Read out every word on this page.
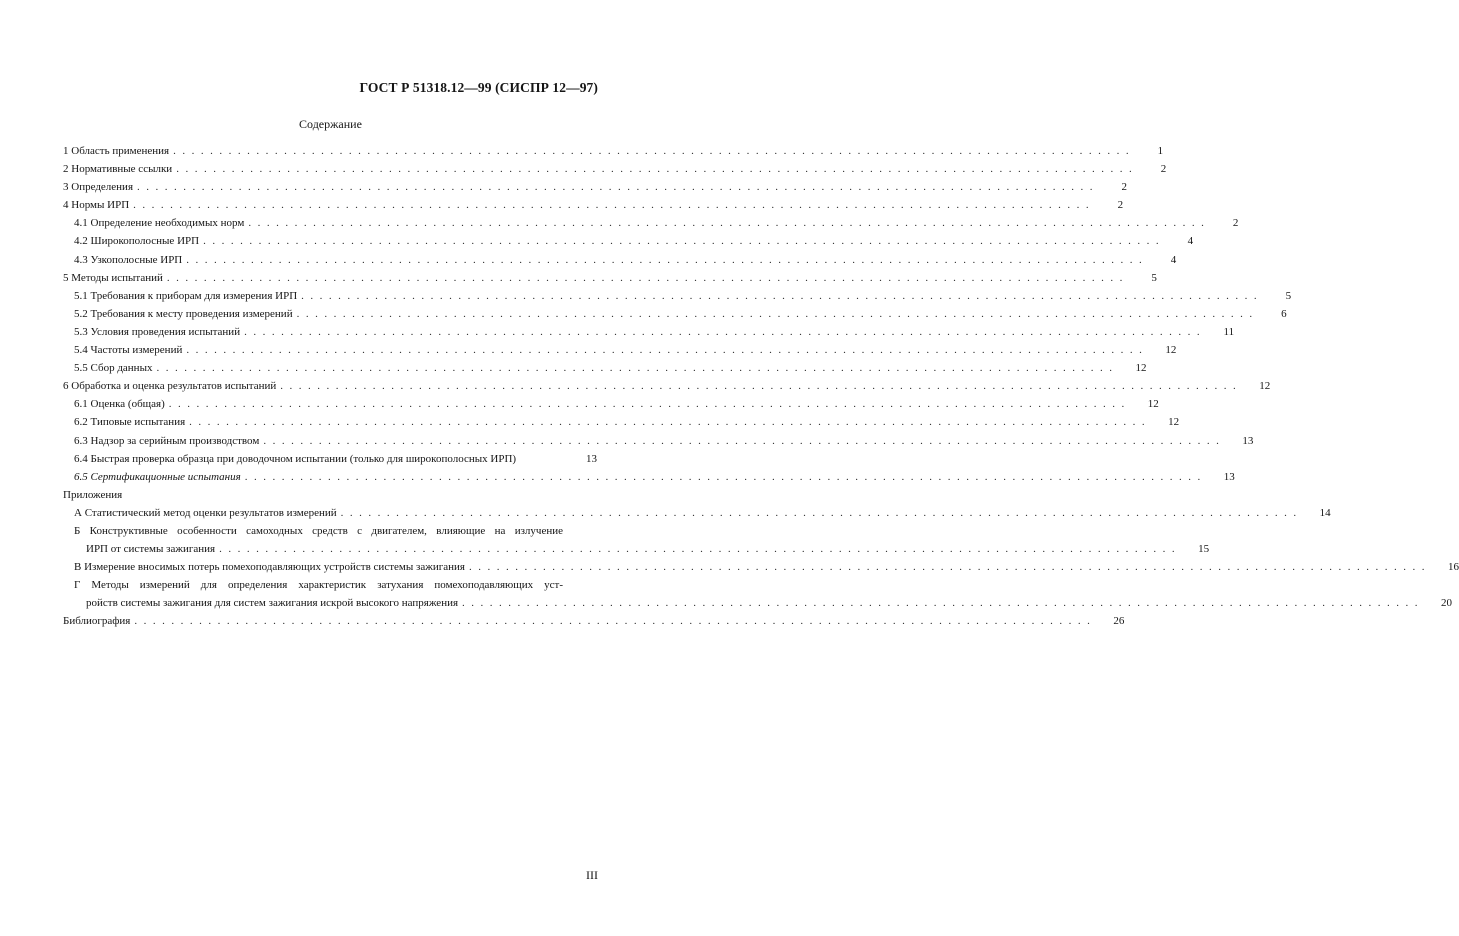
ГОСТ Р 51318.12—99 (СИСПР 12—97)
Содержание
1 Область применения ........................................................................................................	1
2 Нормативные ссылки ........................................................................................................	2
3 Определения ........................................................................................................	2
4 Нормы ИРП ........................................................................................................	2
4.1 Определение необходимых норм ........................................................................................................	2
4.2 Широкополосные ИРП ........................................................................................................	4
4.3 Узкополосные ИРП ........................................................................................................	4
5 Методы испытаний ........................................................................................................	5
5.1 Требования к приборам для измерения ИРП ........................................................................................................	5
5.2 Требования к месту проведения измерений ........................................................................................................	6
5.3 Условия проведения испытаний ........................................................................................................	11
5.4 Частоты измерений ........................................................................................................	12
5.5 Сбор данных ........................................................................................................	12
6 Обработка и оценка результатов испытаний ........................................................................................................	12
6.1 Оценка (общая) ........................................................................................................	12
6.2 Типовые испытания ........................................................................................................	12
6.3 Надзор за серийным производством ........................................................................................................	13
6.4 Быстрая проверка образца при доводочном испытании (только для широкополосных ИРП)	13
6.5 Сертификационные испытания ........................................................................................................	13
Приложения
А Статистический метод оценки результатов измерений ........................................................................................................	14
Б Конструктивные особенности самоходных средств с двигателем, влияющие на излучение
ИРП от системы зажигания ........................................................................................................	15
В Измерение вносимых потерь помехоподавляющих устройств системы зажигания ........................................................................................................	16
Г Методы измерений для определения характеристик затухания помехоподавляющих уст-
ройств системы зажигания для систем зажигания искрой высокого напряжения ........................................................................................................	20
Библиография ........................................................................................................	26
III
